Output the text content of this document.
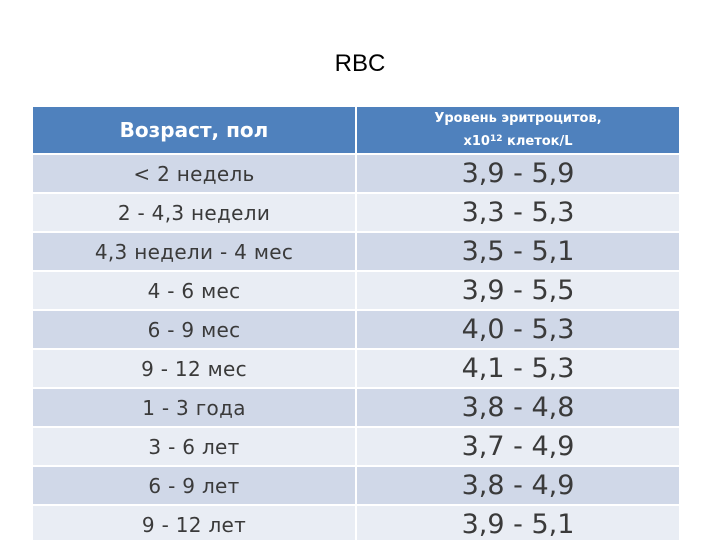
RBC
Возраст, пол	Уровень эритроцитов,
$x10^{12}$ клеток/L
< 2 недель	3,9 - 5,9
2 - 4,3 недели	3,3 - 5,3
4,3 недели - 4 мес	3,5 - 5,1
4 - 6 мес	3,9 - 5,5
6 - 9 мес	4,0 - 5,3
9 - 12 мес	4,1 - 5,3
1 - 3 года	3,8 - 4,8
3 - 6 лет	3,7 - 4,9
6 - 9 лет	3,8 - 4,9
9 - 12 лет	3,9 - 5,1
